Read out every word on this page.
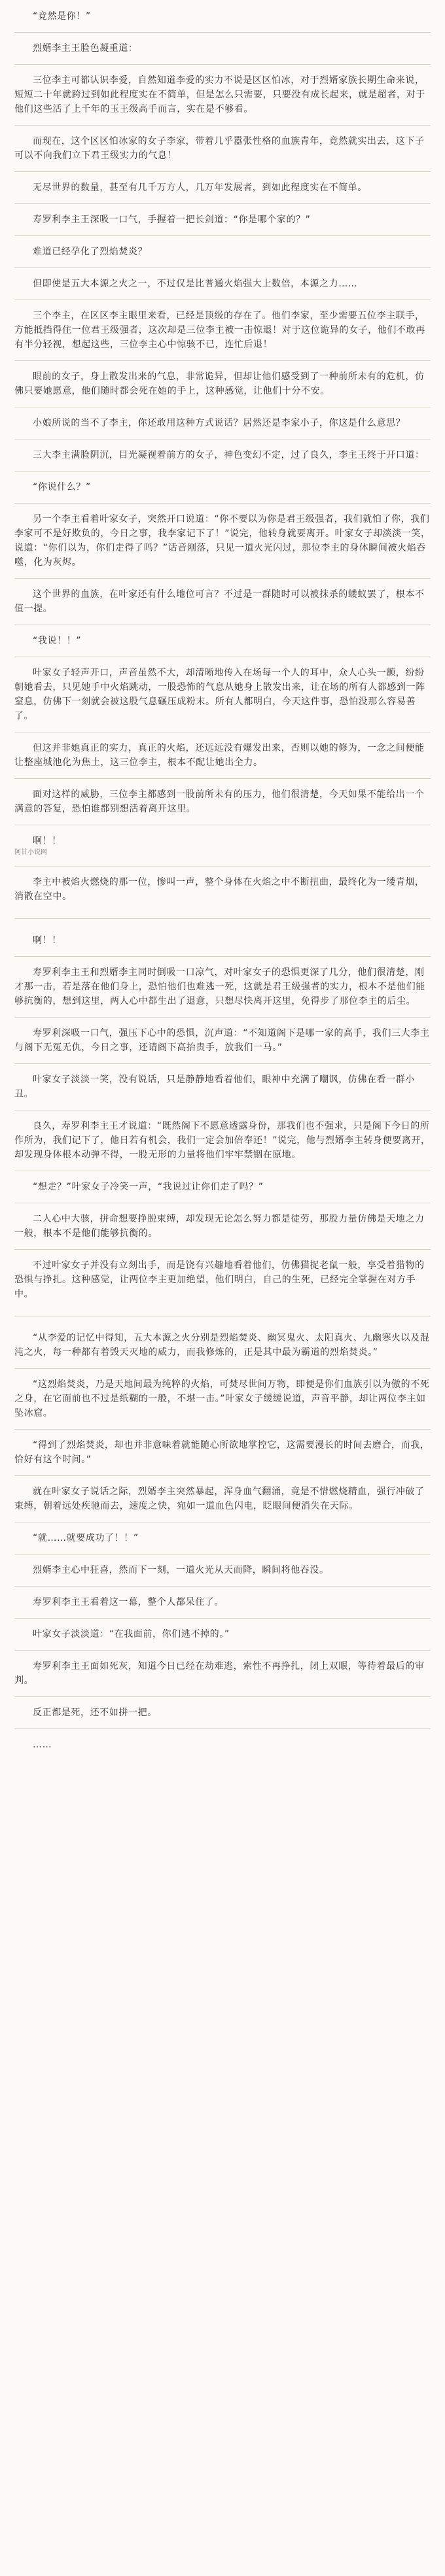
“竟然是你！”

烈婿李主王脸色凝重道：

三位李主可都认识李爱，自然知道李爱的实力不说是区区怕冰，对于烈婿家族长期生命来说，短短二十年就跨过到如此程度实在不简单，但是怎么只需要，只要没有成长起来，就是超者，对于他们这些活了上千年的玉王级高手而言，实在是不够看。

而现在，这个区区怕冰家的女子李家，带着几乎嚣张性格的血族青年，竟然就实出去，这下子可以不向我们立下君王级实力的气息！

无尽世界的数量，甚至有几千万方人，几万年发展者，到如此程度实在不简单。

寿罗利李主王深吸一口气，手握着一把长剑道：“你是哪个家的？”

难道已经孕化了烈焰焚炎？

但即使是五大本源之火之一，不过仅是比普通火焰强大上数倍，本源之力……

三个李主，在区区李主眼里来看，已经是顶级的存在了。他们李家，至少需要五位李主联手，方能抵挡得住一位君王级强者，这次却是三位李主被一击惊退！对于这位诡异的女子，他们不敢再有半分轻视，想起这些，三位李主心中惊骇不已，连忙后退！

眼前的女子，身上散发出来的气息，非常诡异，但却让他们感受到了一种前所未有的危机，仿佛只要她愿意，他们随时都会死在她的手上，这种感觉，让他们十分不安。

小娘所说的当不了李主，你还敢用这种方式说话？居然还是李家小子，你这是什么意思？

三大李主满脸阴沉，目光凝视着前方的女子，神色变幻不定，过了良久，李主王终于开口道：

“你说什么？”

另一个李主看着叶家女子，突然开口说道：“你不要以为你是君王级强者，我们就怕了你，我们李家可不是好欺负的，今日之事，我李家记下了！”说完，他转身就要离开。叶家女子却淡淡一笑，说道：“你们以为，你们走得了吗？”话音刚落，只见一道火光闪过，那位李主的身体瞬间被火焰吞噬，化为灰烬。

这个世界的血族，在叶家还有什么地位可言？不过是一群随时可以被抹杀的蝼蚁罢了，根本不值一提。

“我说！！”

叶家女子轻声开口，声音虽然不大，却清晰地传入在场每一个人的耳中，众人心头一颤，纷纷朝她看去，只见她手中火焰跳动，一股恐怖的气息从她身上散发出来，让在场的所有人都感到一阵窒息，仿佛下一刻就会被这股气息碾压成粉末。所有人都明白，今天这件事，恐怕没那么容易善了。

但这并非她真正的实力，真正的火焰，还远远没有爆发出来，否则以她的修为，一念之间便能让整座城池化为焦土，这三位李主，根本不配让她出全力。

面对这样的威胁，三位李主都感到一股前所未有的压力，他们很清楚，今天如果不能给出一个满意的答复，恐怕谁都别想活着离开这里。

啊！！

阿甘小说网

李主中被焰火燃烧的那一位，惨叫一声，整个身体在火焰之中不断扭曲，最终化为一缕青烟，消散在空中。

啊！！

寿罗利李主王和烈婿李主同时倒吸一口凉气，对叶家女子的恐惧更深了几分，他们很清楚，刚才那一击，若是落在他们身上，恐怕他们也难逃一死，这就是君王级强者的实力，根本不是他们能够抗衡的，想到这里，两人心中都生出了退意，只想尽快离开这里，免得步了那位李主的后尘。

寿罗利深吸一口气，强压下心中的恐惧，沉声道：“不知道阁下是哪一家的高手，我们三大李主与阁下无冤无仇，今日之事，还请阁下高抬贵手，放我们一马。”

叶家女子淡淡一笑，没有说话，只是静静地看着他们，眼神中充满了嘲讽，仿佛在看一群小丑。

良久，寿罗利李主王才说道：“既然阁下不愿意透露身份，那我们也不强求，只是阁下今日的所作所为，我们记下了，他日若有机会，我们一定会加倍奉还！”说完，他与烈婿李主转身便要离开，却发现身体根本动弹不得，一股无形的力量将他们牢牢禁锢在原地。

“想走？”叶家女子冷笑一声，“我说过让你们走了吗？”

二人心中大骇，拼命想要挣脱束缚，却发现无论怎么努力都是徒劳，那股力量仿佛是天地之力一般，根本不是他们能够抗衡的。

不过叶家女子并没有立刻出手，而是饶有兴趣地看着他们，仿佛猫捉老鼠一般，享受着猎物的恐惧与挣扎。这种感觉，让两位李主更加绝望，他们明白，自己的生死，已经完全掌握在对方手中。

“从李爱的记忆中得知，五大本源之火分别是烈焰焚炎、幽冥鬼火、太阳真火、九幽寒火以及混沌之火，每一种都有着毁天灭地的威力，而我修炼的，正是其中最为霸道的烈焰焚炎。”

“这烈焰焚炎，乃是天地间最为纯粹的火焰，可焚尽世间万物，即便是你们血族引以为傲的不死之身，在它面前也不过是纸糊的一般，不堪一击。”叶家女子缓缓说道，声音平静，却让两位李主如坠冰窟。

“得到了烈焰焚炎，却也并非意味着就能随心所欲地掌控它，这需要漫长的时间去磨合，而我，恰好有这个时间。”

就在叶家女子说话之际，烈婿李主突然暴起，浑身血气翻涌，竟是不惜燃烧精血，强行冲破了束缚，朝着远处疾驰而去，速度之快，宛如一道血色闪电，眨眼间便消失在天际。

“就……就要成功了！！”

烈婿李主心中狂喜，然而下一刻，一道火光从天而降，瞬间将他吞没。

寿罗利李主王看着这一幕，整个人都呆住了。

叶家女子淡淡道：“在我面前，你们逃不掉的。”

寿罗利李主王面如死灰，知道今日已经在劫难逃，索性不再挣扎，闭上双眼，等待着最后的审判。

反正都是死，还不如拼一把。

……
